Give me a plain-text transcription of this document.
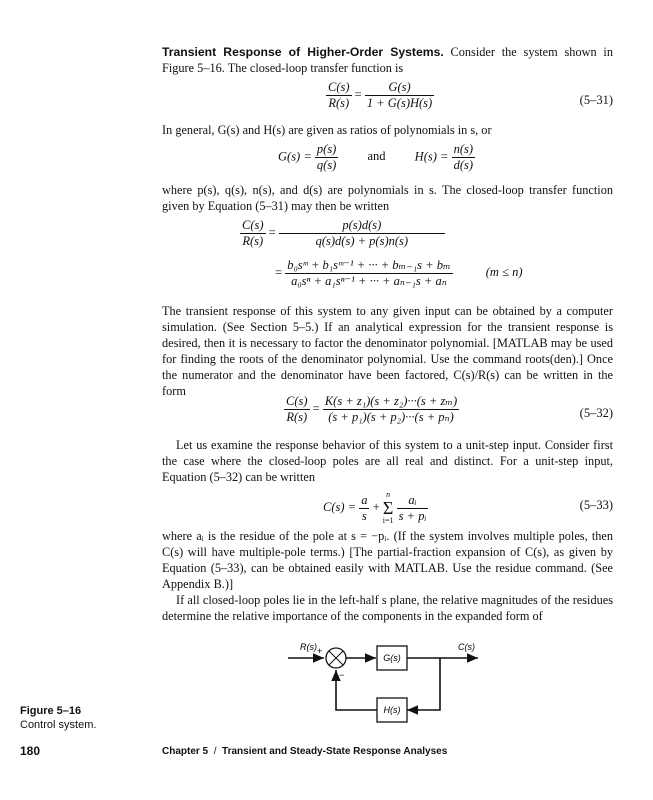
Transient Response of Higher-Order Systems. Consider the system shown in Figure 5–16. The closed-loop transfer function is
$\frac{C(s)}{R(s)} = \frac{G(s)}{1 + G(s)H(s)}$	(5–31)
In general, G(s) and H(s) are given as ratios of polynomials in s, or
$G(s) = \frac{p(s)}{q(s)}$ and $H(s) = \frac{n(s)}{d(s)}$
where p(s), q(s), n(s), and d(s) are polynomials in s. The closed-loop transfer function given by Equation (5–31) may then be written
$\frac{C(s)}{R(s)} = \frac{p(s)d(s)}{q(s)d(s) + p(s)n(s)}$
= $\frac{\text{b₀sᵐ + b₁sᵐ⁻¹ + ··· + bₘ₋₁s + bₘ}}{\text{a₀sⁿ + a₁sⁿ⁻¹ + ··· + aₙ₋₁s + aₙ}}$	(m ≤ n)
The transient response of this system to any given input can be obtained by a computer simulation. (See Section 5–5.) If an analytical expression for the transient response is desired, then it is necessary to factor the denominator polynomial. [MATLAB may be used for finding the roots of the denominator polynomial. Use the command roots(den).] Once the numerator and the denominator have been factored, C(s)/R(s) can be written in the form
$\frac{C(s)}{R(s)} = \frac{\text{K(s + z₁)(s + z₂)···(s + zₘ)}}{\text{(s + p₁)(s + p₂)···(s + pₙ)}}$	(5–32)
Let us examine the response behavior of this system to a unit-step input. Consider first the case where the closed-loop poles are all real and distinct. For a unit-step input, Equation (5–32) can be written
$C(s) = \frac{a}{s}$ +
n
Σ
i=1
$\frac{\text{aᵢ}}{\text{s + pᵢ}}$	(5–33)
where aᵢ is the residue of the pole at s = −pᵢ. (If the system involves multiple poles, then C(s) will have multiple-pole terms.) [The partial-fraction expansion of C(s), as given by Equation (5–33), can be obtained easily with MATLAB. Use the residue command. (See Appendix B.)]
If all closed-loop poles lie in the left-half s plane, the relative magnitudes of the residues determine the relative importance of the components in the expanded form of
R(s) +
−
G(s)
C(s)
H(s)
Figure 5–16
Control system.
180	Chapter 5 / Transient and Steady-State Response Analyses
